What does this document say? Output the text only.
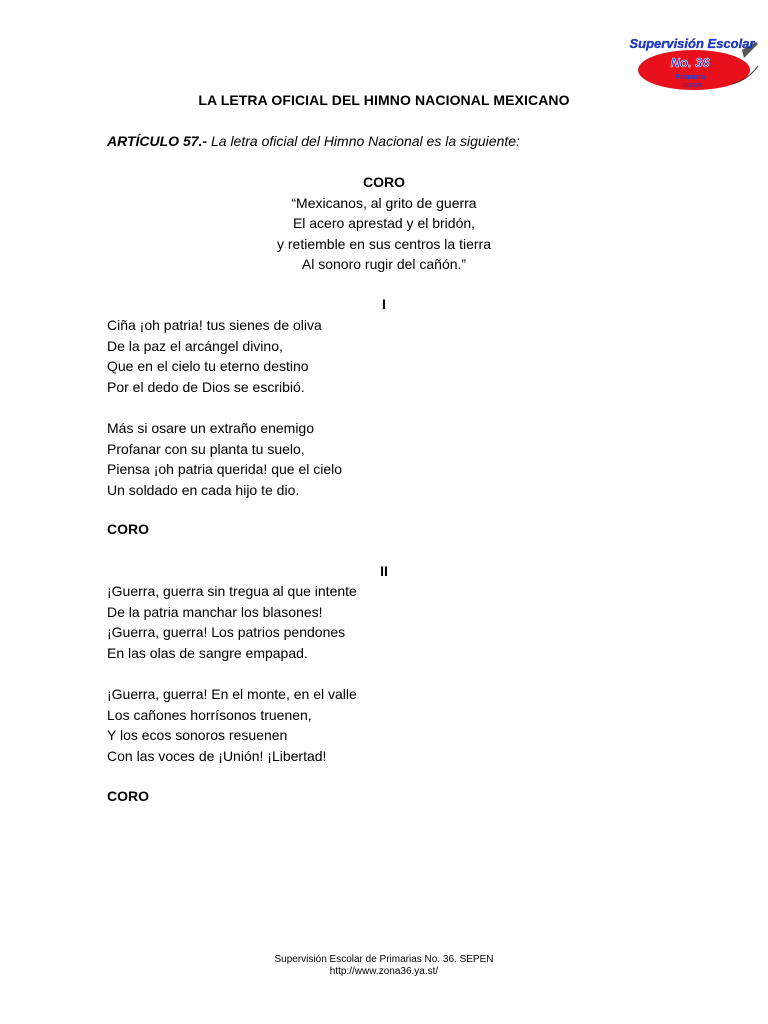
Supervisión Escolar
No. 36
Primaria
SEPEN
LA LETRA OFICIAL DEL HIMNO NACIONAL MEXICANO
ARTÍCULO 57.- La letra oficial del Himno Nacional es la siguiente:
CORO
“Mexicanos, al grito de guerra
El acero aprestad y el bridón,
y retiemble en sus centros la tierra
Al sonoro rugir del cañón.”
I
Ciña ¡oh patria! tus sienes de oliva
De la paz el arcángel divino,
Que en el cielo tu eterno destino
Por el dedo de Dios se escribió.
Más si osare un extraño enemigo
Profanar con su planta tu suelo,
Piensa ¡oh patria querida! que el cielo
Un soldado en cada hijo te dio.
CORO
II
¡Guerra, guerra sin tregua al que intente
De la patria manchar los blasones!
¡Guerra, guerra! Los patrios pendones
En las olas de sangre empapad.
¡Guerra, guerra! En el monte, en el valle
Los cañones horrísonos truenen,
Y los ecos sonoros resuenen
Con las voces de ¡Unión! ¡Libertad!
CORO
Supervisión Escolar de Primarias No. 36. SEPEN
http://www.zona36.ya.st/
